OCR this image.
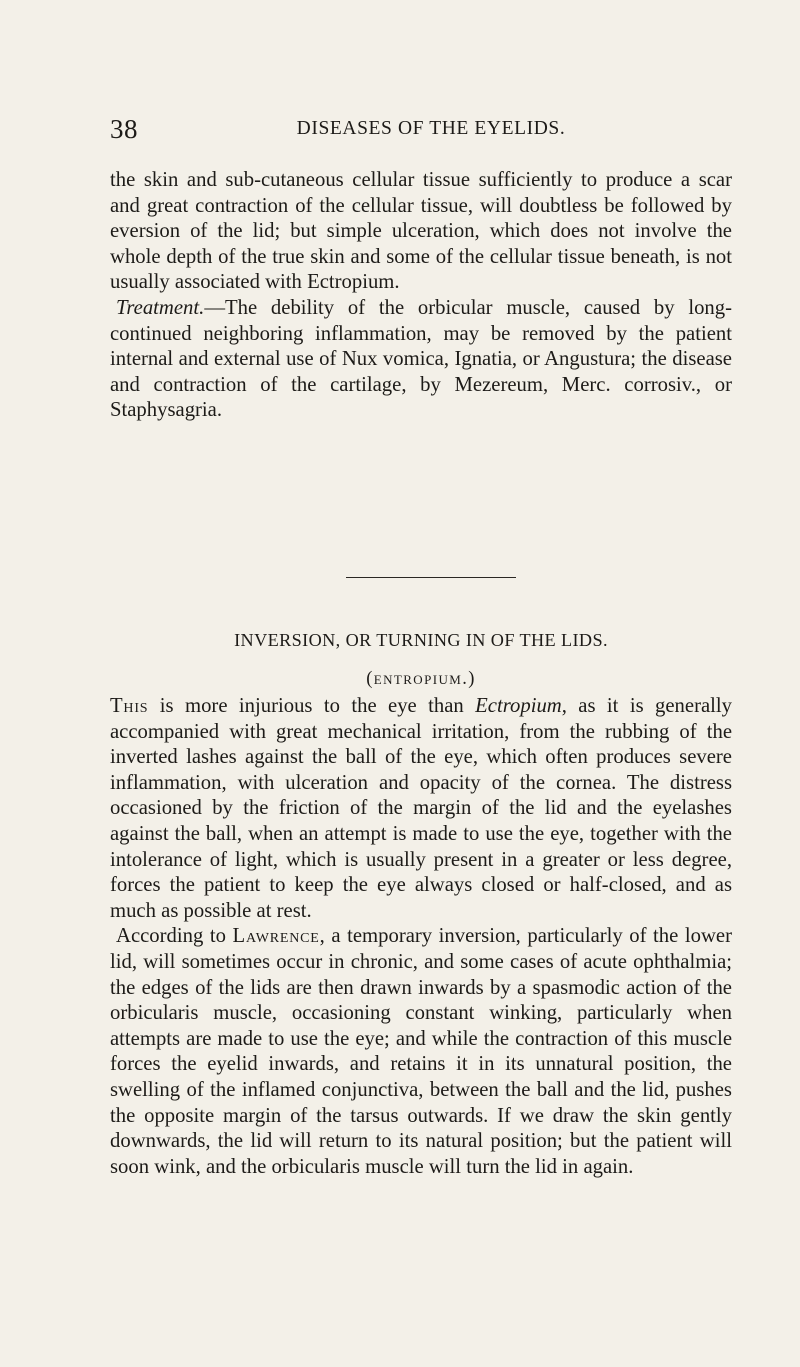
38	DISEASES OF THE EYELIDS.

the skin and sub-cutaneous cellular tissue sufficiently to produce a scar and great contraction of the cellular tissue, will doubtless be followed by eversion of the lid; but simple ulceration, which does not involve the whole depth of the true skin and some of the cellular tissue beneath, is not usually associated with Ectropium.

Treatment.—The debility of the orbicular muscle, caused by long-continued neighboring inflammation, may be removed by the patient internal and external use of Nux vomica, Ignatia, or Angustura; the disease and contraction of the cartilage, by Mezereum, Merc. corrosiv., or Staphysagria.

INVERSION, OR TURNING IN OF THE LIDS.
(entropium.)

This is more injurious to the eye than Ectropium, as it is generally accompanied with great mechanical irritation, from the rubbing of the inverted lashes against the ball of the eye, which often produces severe inflammation, with ulceration and opacity of the cornea. The distress occasioned by the friction of the margin of the lid and the eyelashes against the ball, when an attempt is made to use the eye, together with the intolerance of light, which is usually present in a greater or less degree, forces the patient to keep the eye always closed or half-closed, and as much as possible at rest.

According to Lawrence, a temporary inversion, particularly of the lower lid, will sometimes occur in chronic, and some cases of acute ophthalmia; the edges of the lids are then drawn inwards by a spasmodic action of the orbicularis muscle, occasioning constant winking, particularly when attempts are made to use the eye; and while the contraction of this muscle forces the eyelid inwards, and retains it in its unnatural position, the swelling of the inflamed conjunctiva, between the ball and the lid, pushes the opposite margin of the tarsus outwards. If we draw the skin gently downwards, the lid will return to its natural position; but the patient will soon wink, and the orbicularis muscle will turn the lid in again.
